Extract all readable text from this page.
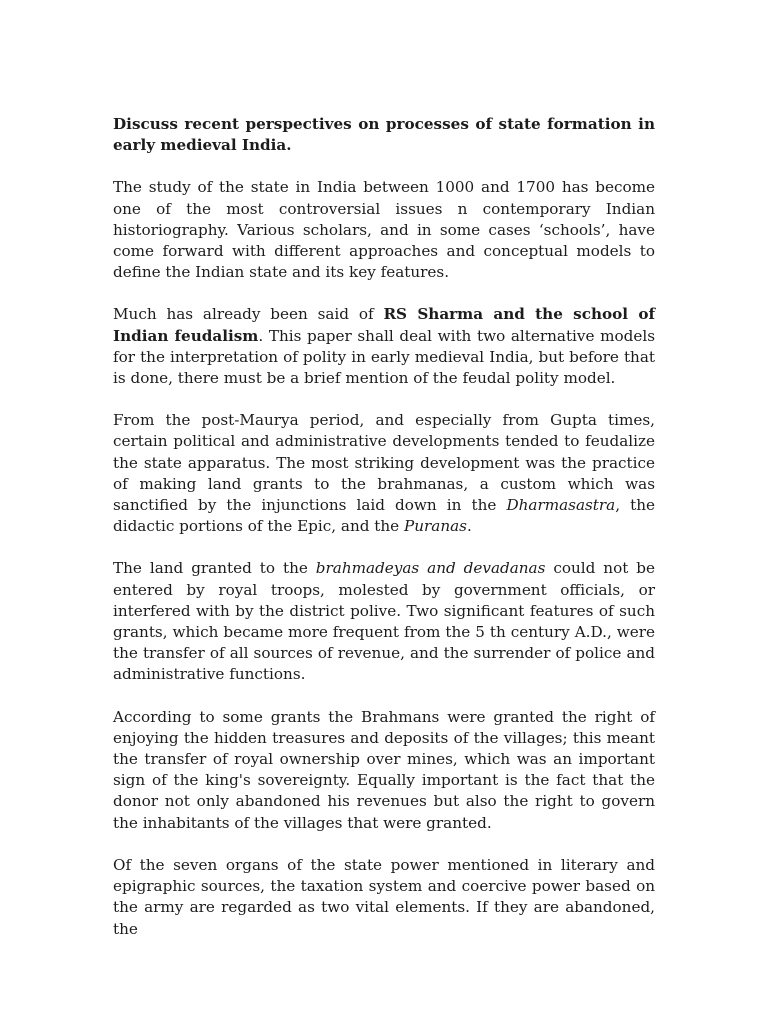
Discuss recent perspectives on processes of state formation in early medieval India.

The study of the state in India between 1000 and 1700 has become one of the most controversial issues n contemporary Indian historiography. Various scholars, and in some cases ‘schools’, have come forward with different approaches and conceptual models to define the Indian state and its key features.

Much has already been said of RS Sharma and the school of Indian feudalism. This paper shall deal with two alternative models for the interpretation of polity in early medieval India, but before that is done, there must be a brief mention of the feudal polity model.

From the post-Maurya period, and especially from Gupta times, certain political and administrative developments tended to feudalize the state apparatus. The most striking development was the practice of making land grants to the brahmanas, a custom which was sanctified by the injunctions laid down in the Dharmasastra, the didactic portions of the Epic, and the Puranas.

The land granted to the brahmadeyas and devadanas could not be entered by royal troops, molested by government officials, or interfered with by the district polive. Two significant features of such grants, which became more frequent from the 5 th century A.D., were the transfer of all sources of revenue, and the surrender of police and administrative functions.

According to some grants the Brahmans were granted the right of enjoying the hidden treasures and deposits of the villages; this meant the transfer of royal ownership over mines, which was an important sign of the king's sovereignty. Equally important is the fact that the donor not only abandoned his revenues but also the right to govern the inhabitants of the villages that were granted.

Of the seven organs of the state power mentioned in literary and epigraphic sources, the taxation system and coercive power based on the army are regarded as two vital elements. If they are abandoned, the
